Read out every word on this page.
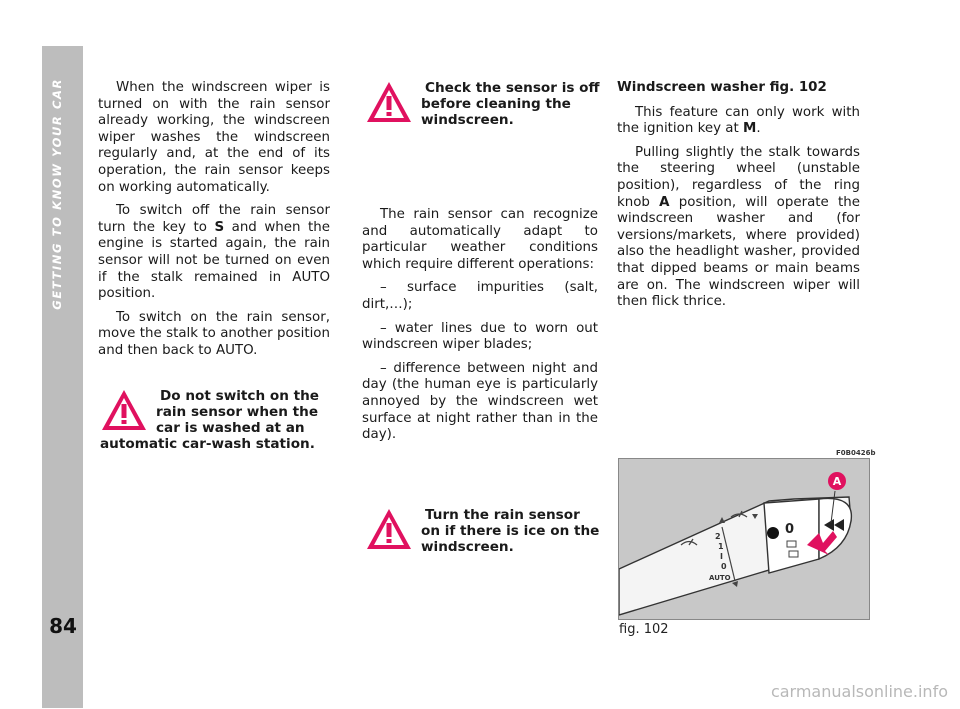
GETTING TO KNOW YOUR CAR
84

When the windscreen wiper is turned on with the rain sensor already working, the windscreen wiper washes the windscreen regularly and, at the end of its operation, the rain sensor keeps on working automatically.

To switch off the rain sensor turn the key to S and when the engine is started again, the rain sensor will not be turned on even if the stalk remained in AUTO position.

To switch on the rain sensor, move the stalk to another position and then back to AUTO.

Do not switch on the rain sensor when the car is washed at an automatic car-wash station.
Check the sensor is off before cleaning the windscreen.

The rain sensor can recognize and automatically adapt to particular weather conditions which require different operations:

– surface impurities (salt, dirt,…);

– water lines due to worn out windscreen wiper blades;

– difference between night and day (the human eye is particularly annoyed by the windscreen wet surface at night rather than in the day).

Turn the rain sensor on if there is ice on the windscreen.

Windscreen washer fig. 102

This feature can only work with the ignition key at M.

Pulling slightly the stalk towards the steering wheel (unstable position), regardless of the ring knob A position, will operate the windscreen washer and (for versions/markets, where provided) also the headlight washer, provided that dipped beams or main beams are on. The windscreen wiper will then flick thrice.

F0B0426b
2
1
I
0
AUTO
0
A
fig. 102
carmanualsonline.info
